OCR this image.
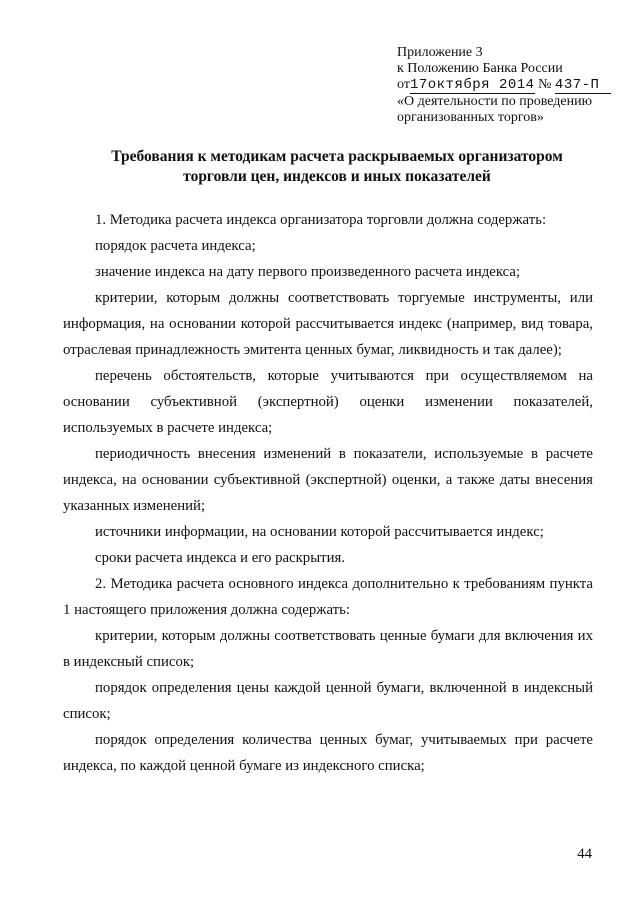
Приложение 3
к Положению Банка России
от17октября 2014 № 437-П
«О деятельности по проведению
организованных торгов»
Требования к методикам расчета раскрываемых организатором
торговли цен, индексов и иных показателей

1. Методика расчета индекса организатора торговли должна содержать:

порядок расчета индекса;

значение индекса на дату первого произведенного расчета индекса;

критерии, которым должны соответствовать торгуемые инструменты, или информация, на основании которой рассчитывается индекс (например, вид товара, отраслевая принадлежность эмитента ценных бумаг, ликвидность и так далее);

перечень обстоятельств, которые учитываются при осуществляемом на основании субъективной (экспертной) оценки изменении показателей, используемых в расчете индекса;

периодичность внесения изменений в показатели, используемые в расчете индекса, на основании субъективной (экспертной) оценки, а также даты внесения указанных изменений;

источники информации, на основании которой рассчитывается индекс;

сроки расчета индекса и его раскрытия.

2. Методика расчета основного индекса дополнительно к требованиям пункта 1 настоящего приложения должна содержать:

критерии, которым должны соответствовать ценные бумаги для включения их в индексный список;

порядок определения цены каждой ценной бумаги, включенной в индексный список;

порядок определения количества ценных бумаг, учитываемых при расчете индекса, по каждой ценной бумаге из индексного списка;

44
